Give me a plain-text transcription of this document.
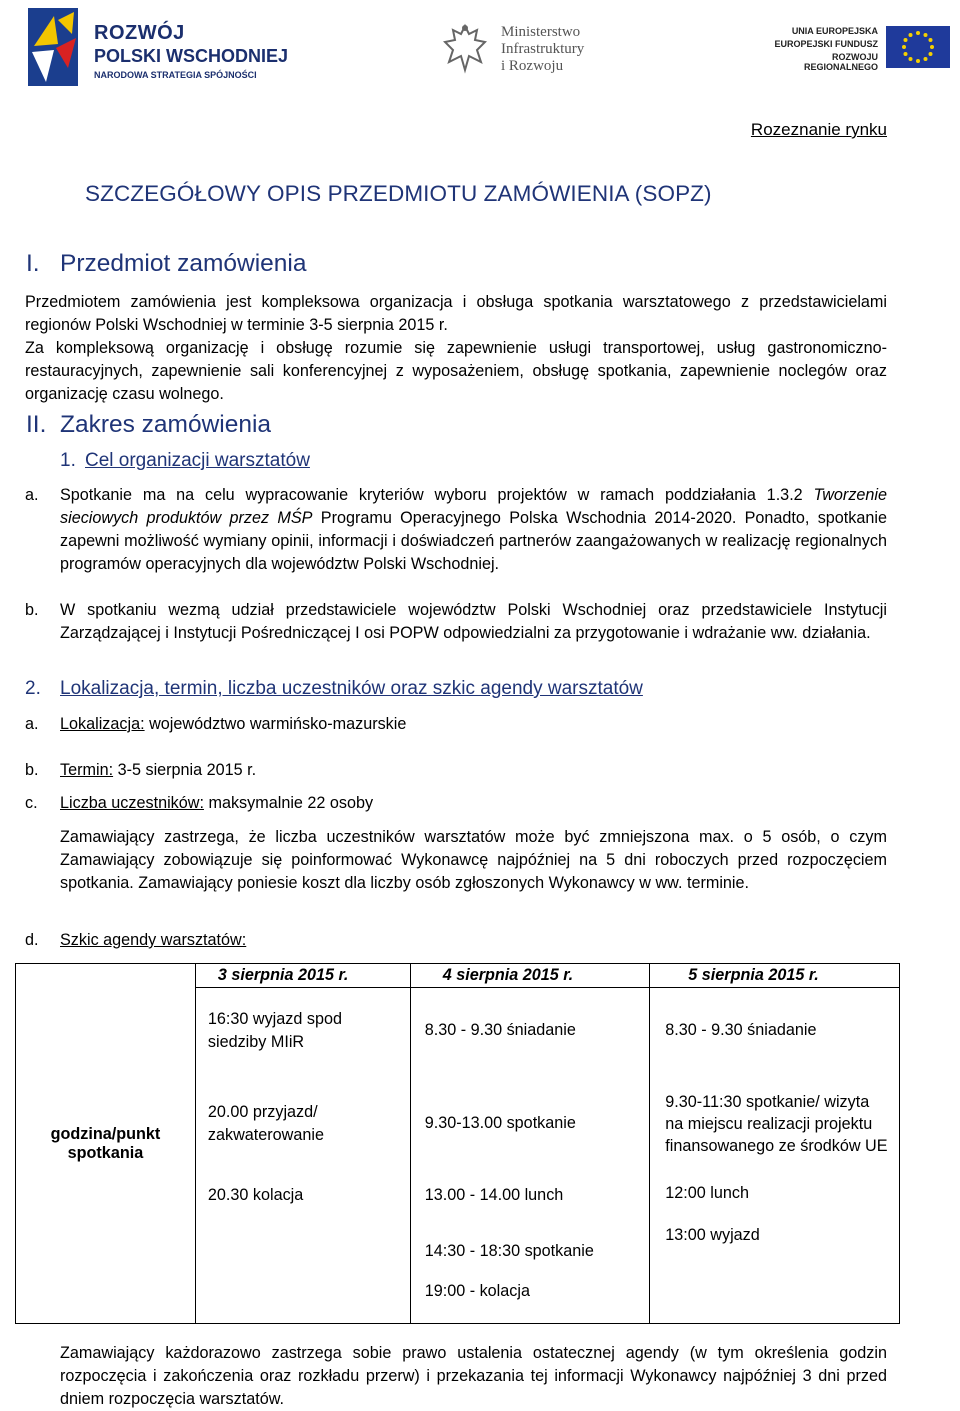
ROZWÓJ
POLSKI WSCHODNIEJ
NARODOWA STRATEGIA SPÓJNOŚCI
Ministerstwo
Infrastruktury
i Rozwoju
UNIA EUROPEJSKA
EUROPEJSKI FUNDUSZ
ROZWOJU REGIONALNEGO
Rozeznanie rynku
SZCZEGÓŁOWY OPIS PRZEDMIOTU ZAMÓWIENIA (SOPZ)
I. Przedmiot zamówienia
Przedmiotem zamówienia jest kompleksowa organizacja i obsługa spotkania warsztatowego z przedstawicielami regionów Polski Wschodniej w terminie 3-5 sierpnia 2015 r.
Za kompleksową organizację i obsługę rozumie się zapewnienie usługi transportowej, usług gastronomiczno-restauracyjnych, zapewnienie sali konferencyjnej z wyposażeniem, obsługę spotkania, zapewnienie noclegów oraz organizację czasu wolnego.
II. Zakres zamówienia
1. Cel organizacji warsztatów
a. Spotkanie ma na celu wypracowanie kryteriów wyboru projektów w ramach poddziałania 1.3.2 Tworzenie sieciowych produktów przez MŚP Programu Operacyjnego Polska Wschodnia 2014-2020. Ponadto, spotkanie zapewni możliwość wymiany opinii, informacji i doświadczeń partnerów zaangażowanych w realizację regionalnych programów operacyjnych dla województw Polski Wschodniej.
b. W spotkaniu wezmą udział przedstawiciele województw Polski Wschodniej oraz przedstawiciele Instytucji Zarządzającej i Instytucji Pośredniczącej I osi POPW odpowiedzialni za przygotowanie i wdrażanie ww. działania.
2. Lokalizacja, termin, liczba uczestników oraz szkic agendy warsztatów
a. Lokalizacja: województwo warmińsko-mazurskie
b. Termin: 3-5 sierpnia 2015 r.
c. Liczba uczestników: maksymalnie 22 osoby
Zamawiający zastrzega, że liczba uczestników warsztatów może być zmniejszona max. o 5 osób, o czym Zamawiający zobowiązuje się poinformować Wykonawcę najpóźniej na 5 dni roboczych przed rozpoczęciem spotkania. Zamawiający poniesie koszt dla liczby osób zgłoszonych Wykonawcy w ww. terminie.
d. Szkic agendy warsztatów:
godzina/punkt spotkania	3 sierpnia 2015 r.	4 sierpnia 2015 r.	5 sierpnia 2015 r.
	16:30 wyjazd spod siedziby MIiR	8.30 - 9.30 śniadanie	8.30 - 9.30 śniadanie
	20.00 przyjazd/ zakwaterowanie	9.30-13.00 spotkanie	9.30-11:30 spotkanie/ wizyta na miejscu realizacji projektu finansowanego ze środków UE
	20.30 kolacja	13.00 - 14.00 lunch	12:00 lunch
		14:30 - 18:30 spotkanie	13:00 wyjazd
		19:00 - kolacja	
Zamawiający każdorazowo zastrzega sobie prawo ustalenia ostatecznej agendy (w tym określenia godzin rozpoczęcia i zakończenia oraz rozkładu przerw) i przekazania tej informacji Wykonawcy najpóźniej 3 dni przed dniem rozpoczęcia warsztatów.
